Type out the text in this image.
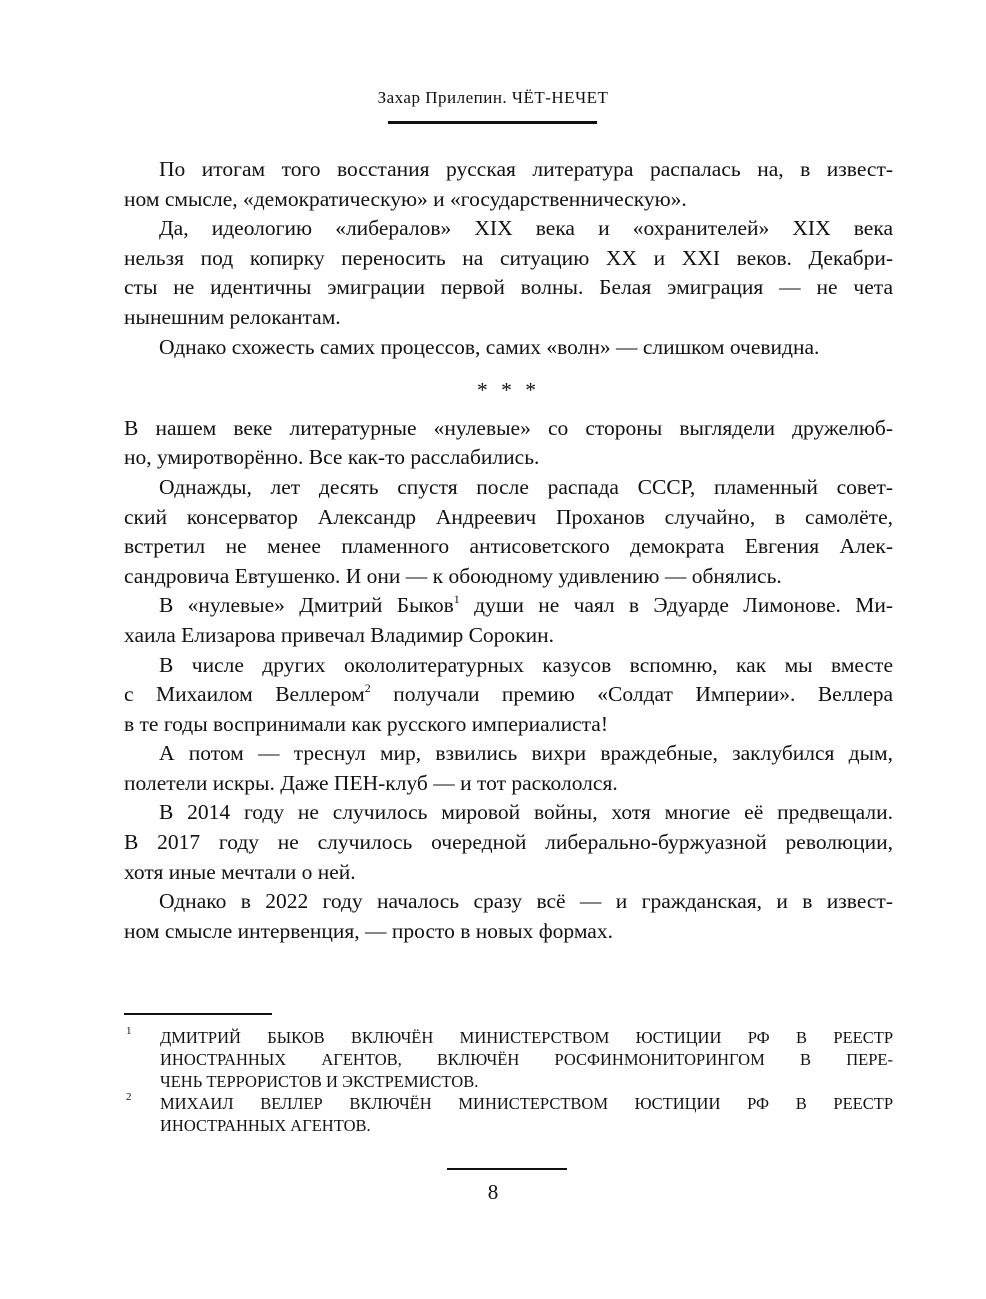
Захар Прилепин. ЧЁТ-НЕЧЕТ
По итогам того восстания русская литература распалась на, в извест-
ном смысле, «демократическую» и «государственническую».
Да, идеологию «либералов» XIX века и «охранителей» XIX века
нельзя под копирку переносить на ситуацию XX и XXI веков. Декабри-
сты не идентичны эмиграции первой волны. Белая эмиграция — не чета
нынешним релокантам.
Однако схожесть самих процессов, самих «волн» — слишком очевидна.
* * *
В нашем веке литературные «нулевые» со стороны выглядели дружелюб-
но, умиротворённо. Все как-то расслабились.
Однажды, лет десять спустя после распада СССР, пламенный совет-
ский консерватор Александр Андреевич Проханов случайно, в самолёте,
встретил не менее пламенного антисоветского демократа Евгения Алек-
сандровича Евтушенко. И они — к обоюдному удивлению — обнялись.
В «нулевые» Дмитрий Быков$^1$ души не чаял в Эдуарде Лимонове. Ми-
хаила Елизарова привечал Владимир Сорокин.
В числе других окололитературных казусов вспомню, как мы вместе
с Михаилом Веллером$^2$ получали премию «Солдат Империи». Веллера
в те годы воспринимали как русского империалиста!
А потом — треснул мир, взвились вихри враждебные, заклубился дым,
полетели искры. Даже ПЕН-клуб — и тот раскололся.
В 2014 году не случилось мировой войны, хотя многие её предвещали.
В 2017 году не случилось очередной либерально-буржуазной революции,
хотя иные мечтали о ней.
Однако в 2022 году началось сразу всё — и гражданская, и в извест-
ном смысле интервенция, — просто в новых формах.
1 ДМИТРИЙ БЫКОВ ВКЛЮЧЁН МИНИСТЕРСТВОМ ЮСТИЦИИ РФ В РЕЕСТР
ИНОСТРАННЫХ АГЕНТОВ, ВКЛЮЧЁН РОСФИНМОНИТОРИНГОМ В ПЕРЕ-
ЧЕНЬ ТЕРРОРИСТОВ И ЭКСТРЕМИСТОВ.
2 МИХАИЛ ВЕЛЛЕР ВКЛЮЧЁН МИНИСТЕРСТВОМ ЮСТИЦИИ РФ В РЕЕСТР
ИНОСТРАННЫХ АГЕНТОВ.
8
